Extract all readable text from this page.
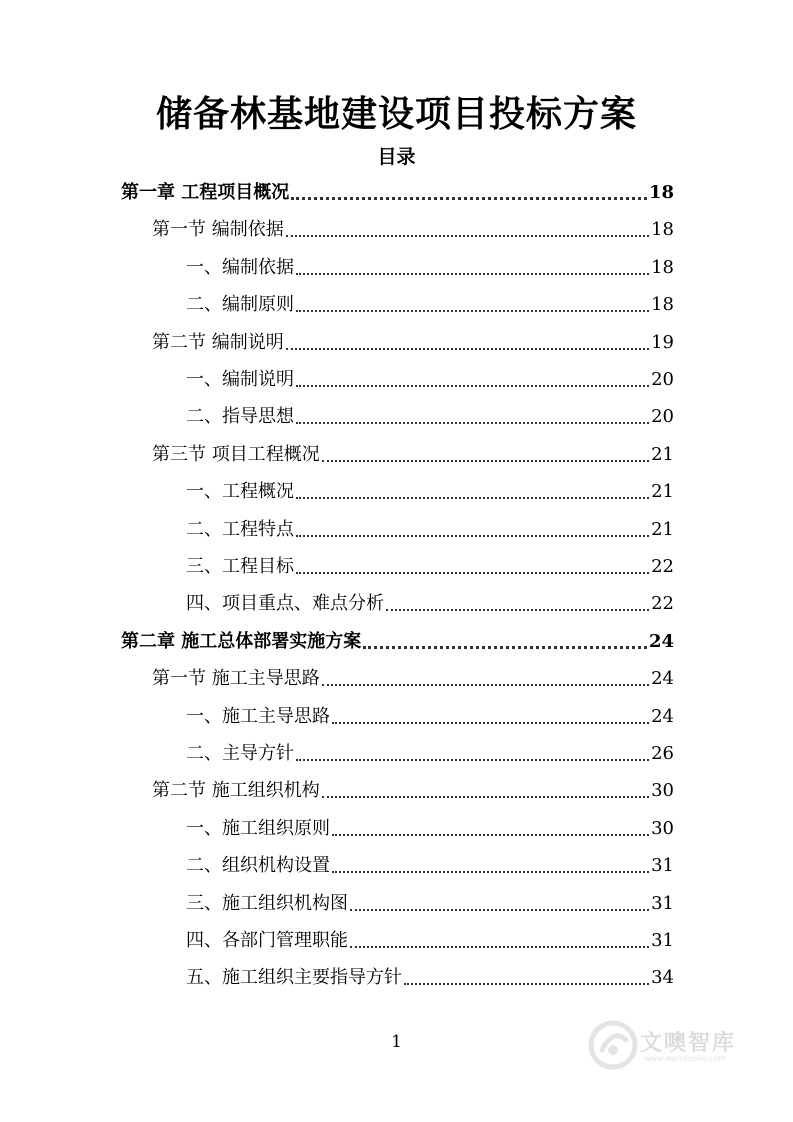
储备林基地建设项目投标方案
目录
第一章 工程项目概况	18
第一节 编制依据	18
一、编制依据	18
二、编制原则	18
第二节 编制说明	19
一、编制说明	20
二、指导思想	20
第三节 项目工程概况	21
一、工程概况	21
二、工程特点	21
三、工程目标	22
四、项目重点、难点分析	22
第二章 施工总体部署实施方案	24
第一节 施工主导思路	24
一、施工主导思路	24
二、主导方针	26
第二节 施工组织机构	30
一、施工组织原则	30
二、组织机构设置	31
三、施工组织机构图	31
四、各部门管理职能	31
五、施工组织主要指导方针	34
1	文噢智库
www.wenduoku.com
